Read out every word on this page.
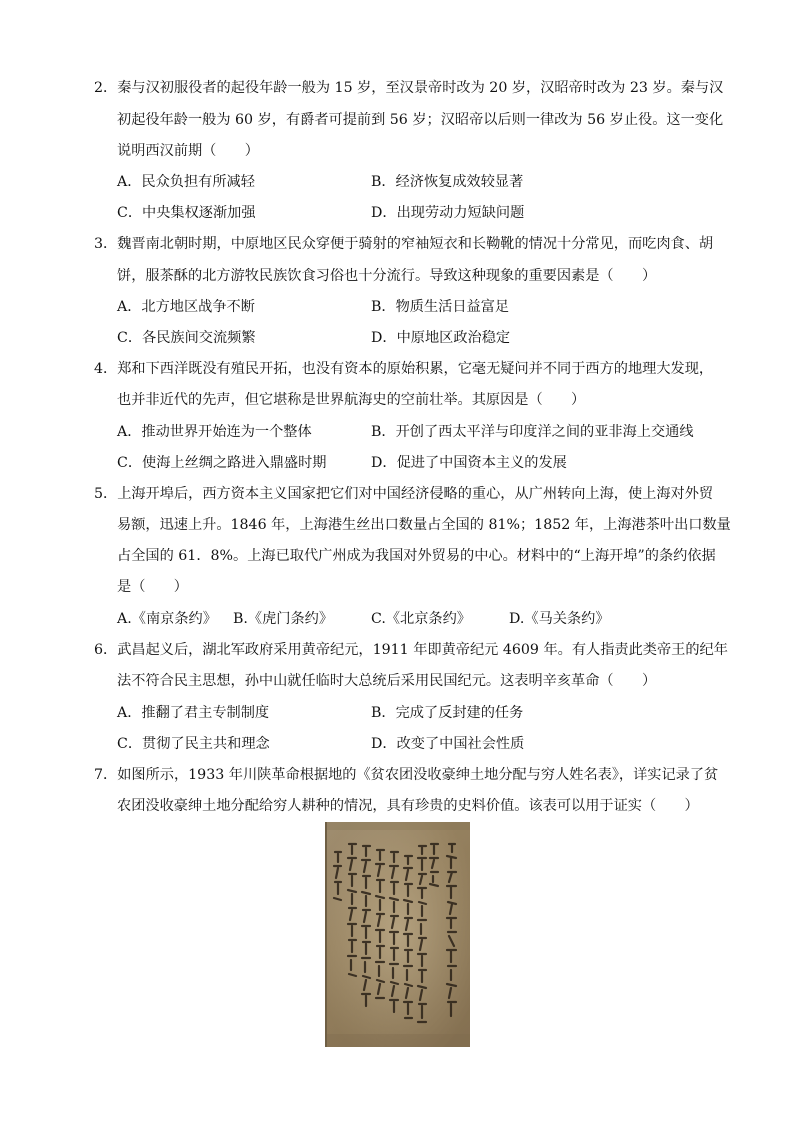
2．秦与汉初服役者的起役年龄一般为 15 岁，至汉景帝时改为 20 岁，汉昭帝时改为 23 岁。秦与汉
初起役年龄一般为 60 岁，有爵者可提前到 56 岁；汉昭帝以后则一律改为 56 岁止役。这一变化
说明西汉前期（　　）
A．民众负担有所减轻	B．经济恢复成效较显著
C．中央集权逐渐加强	D．出现劳动力短缺问题
3．魏晋南北朝时期，中原地区民众穿便于骑射的窄袖短衣和长靿靴的情况十分常见，而吃肉食、胡
饼，服茶酥的北方游牧民族饮食习俗也十分流行。导致这种现象的重要因素是（　　）
A．北方地区战争不断	B．物质生活日益富足
C．各民族间交流频繁	D．中原地区政治稳定
4．郑和下西洋既没有殖民开拓，也没有资本的原始积累，它毫无疑问并不同于西方的地理大发现，
也并非近代的先声，但它堪称是世界航海史的空前壮举。其原因是（　　）
A．推动世界开始连为一个整体	B．开创了西太平洋与印度洋之间的亚非海上交通线
C．使海上丝绸之路进入鼎盛时期	D．促进了中国资本主义的发展
5．上海开埠后，西方资本主义国家把它们对中国经济侵略的重心，从广州转向上海，使上海对外贸
易额，迅速上升。1846 年，上海港生丝出口数量占全国的 81%；1852 年，上海港茶叶出口数量
占全国的 61．8%。上海已取代广州成为我国对外贸易的中心。材料中的“上海开埠”的条约依据
是（　　）
A.《南京条约》 B.《虎门条约》	C.《北京条约》	D.《马关条约》
6．武昌起义后，湖北军政府采用黄帝纪元，1911 年即黄帝纪元 4609 年。有人指责此类帝王的纪年
法不符合民主思想，孙中山就任临时大总统后采用民国纪元。这表明辛亥革命（　　）
A．推翻了君主专制制度	B．完成了反封建的任务
C．贯彻了民主共和理念	D．改变了中国社会性质
7．如图所示，1933 年川陕革命根据地的《贫农团没收豪绅土地分配与穷人姓名表》，详实记录了贫
农团没收豪绅土地分配给穷人耕种的情况，具有珍贵的史料价值。该表可以用于证实（　　）
